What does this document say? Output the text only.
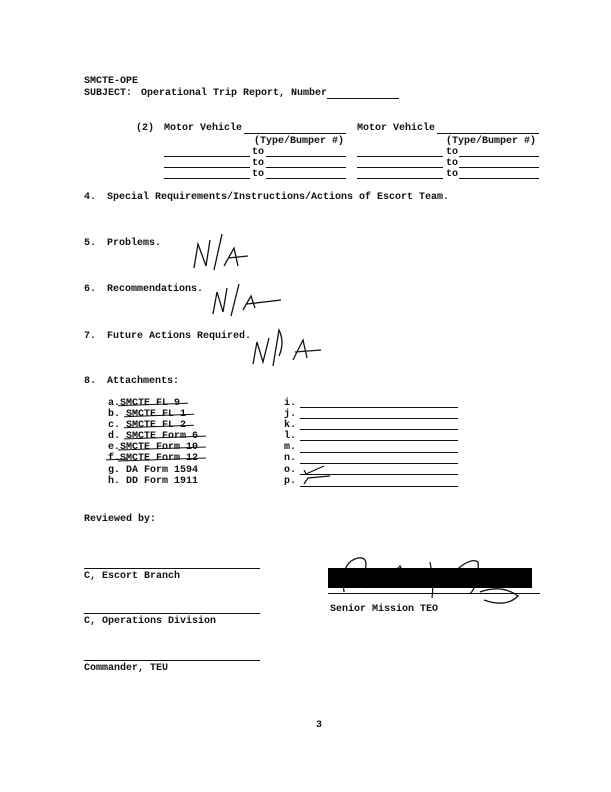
SMCTE-OPE
SUBJECT: Operational Trip Report, Number
(2) Motor Vehicle	Motor Vehicle
(Type/Bumper #)	(Type/Bumper #)
to
to
to
to
to
to
4. Special Requirements/Instructions/Actions of Escort Team.
5. Problems.
6. Recommendations.
7. Future Actions Required.
8. Attachments:
a.SMCTE FL 9
b. SMCTE FL 1
c. SMCTE FL 2
d. SMCTE Form 6
e.SMCTE Form 10
f.SMCTE Form 12
g. DA Form 1594
h. DD Form 1911
i.
j.
k.
l.
m.
n.
o.
p.
Reviewed by:
C, Escort Branch
C, Operations Division
Commander, TEU
Senior Mission TEO
3
